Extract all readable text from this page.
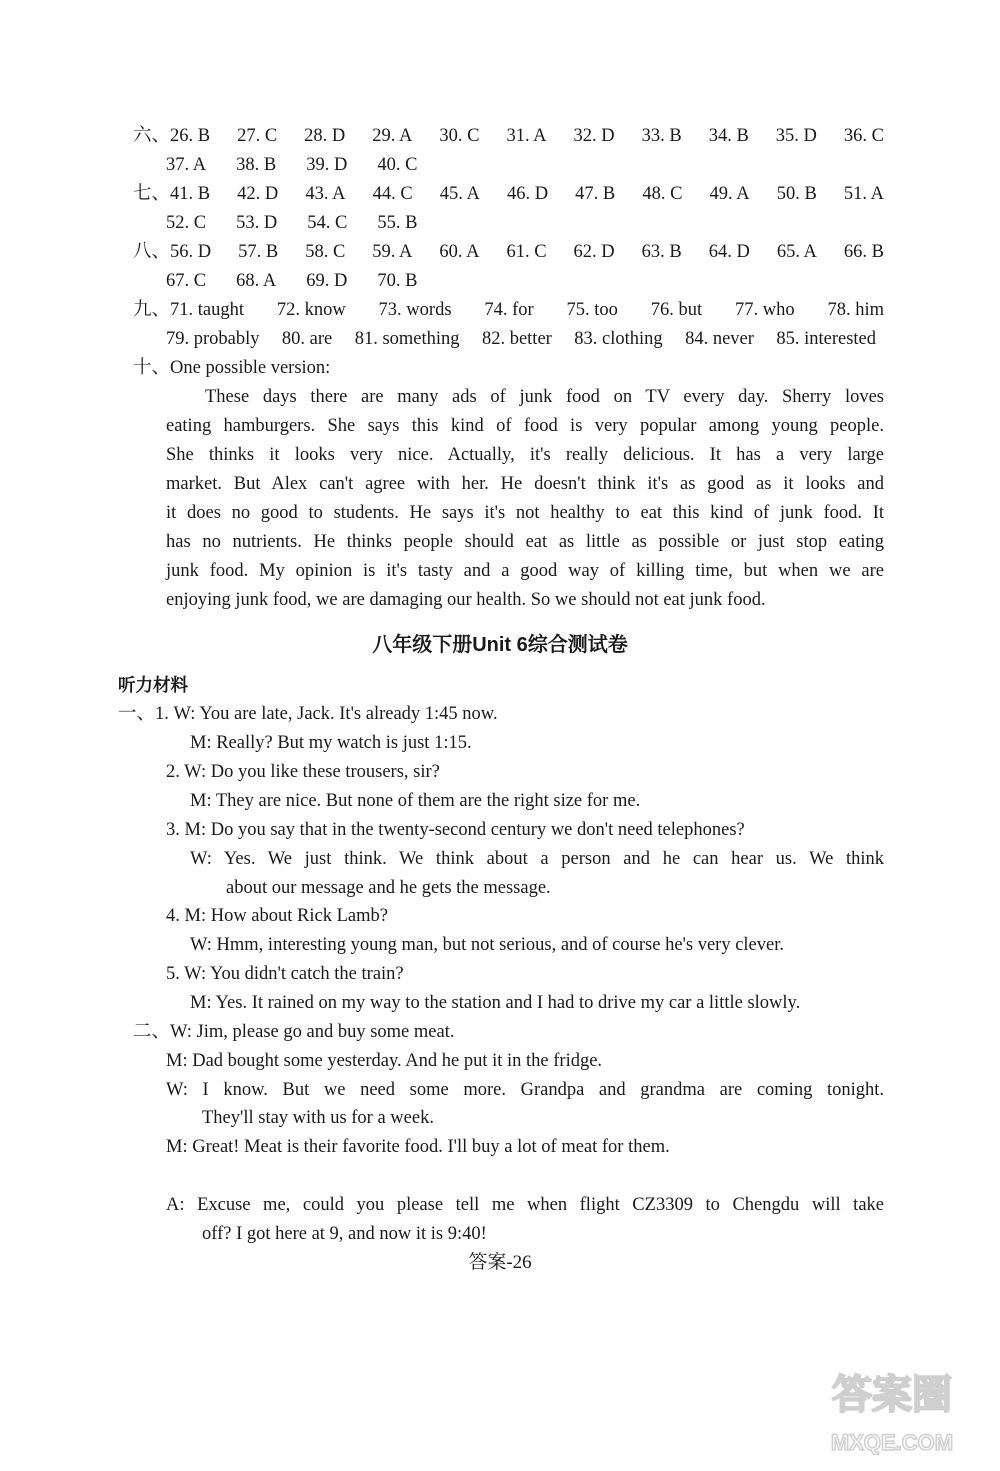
六、26. B 27. C 28. D 29. A 30. C 31. A 32. D 33. B 34. B 35. D 36. C
37. A 38. B 39. D 40. C
七、41. B 42. D 43. A 44. C 45. A 46. D 47. B 48. C 49. A 50. B 51. A
52. C 53. D 54. C 55. B
八、56. D 57. B 58. C 59. A 60. A 61. C 62. D 63. B 64. D 65. A 66. B
67. C 68. A 69. D 70. B
九、71. taught 72. know 73. words 74. for 75. too 76. but 77. who 78. him
79. probably 80. are 81. something 82. better 83. clothing 84. never 85. interested
十、One possible version:
These days there are many ads of junk food on TV every day. Sherry loves
eating hamburgers. She says this kind of food is very popular among young people.
She thinks it looks very nice. Actually, it's really delicious. It has a very large
market. But Alex can't agree with her. He doesn't think it's as good as it looks and
it does no good to students. He says it's not healthy to eat this kind of junk food. It
has no nutrients. He thinks people should eat as little as possible or just stop eating
junk food. My opinion is it's tasty and a good way of killing time, but when we are
enjoying junk food, we are damaging our health. So we should not eat junk food.
八年级下册Unit 6综合测试卷
听力材料
一、1. W: You are late, Jack. It's already 1:45 now.
M: Really? But my watch is just 1:15.
2. W: Do you like these trousers, sir?
M: They are nice. But none of them are the right size for me.
3. M: Do you say that in the twenty-second century we don't need telephones?
W: Yes. We just think. We think about a person and he can hear us. We think
about our message and he gets the message.
4. M: How about Rick Lamb?
W: Hmm, interesting young man, but not serious, and of course he's very clever.
5. W: You didn't catch the train?
M: Yes. It rained on my way to the station and I had to drive my car a little slowly.
二、W: Jim, please go and buy some meat.
M: Dad bought some yesterday. And he put it in the fridge.
W: I know. But we need some more. Grandpa and grandma are coming tonight.
They'll stay with us for a week.
M: Great! Meat is their favorite food. I'll buy a lot of meat for them.
A: Excuse me, could you please tell me when flight CZ3309 to Chengdu will take
off? I got here at 9, and now it is 9:40!
答案-26
答案圈
MXQE.COM
